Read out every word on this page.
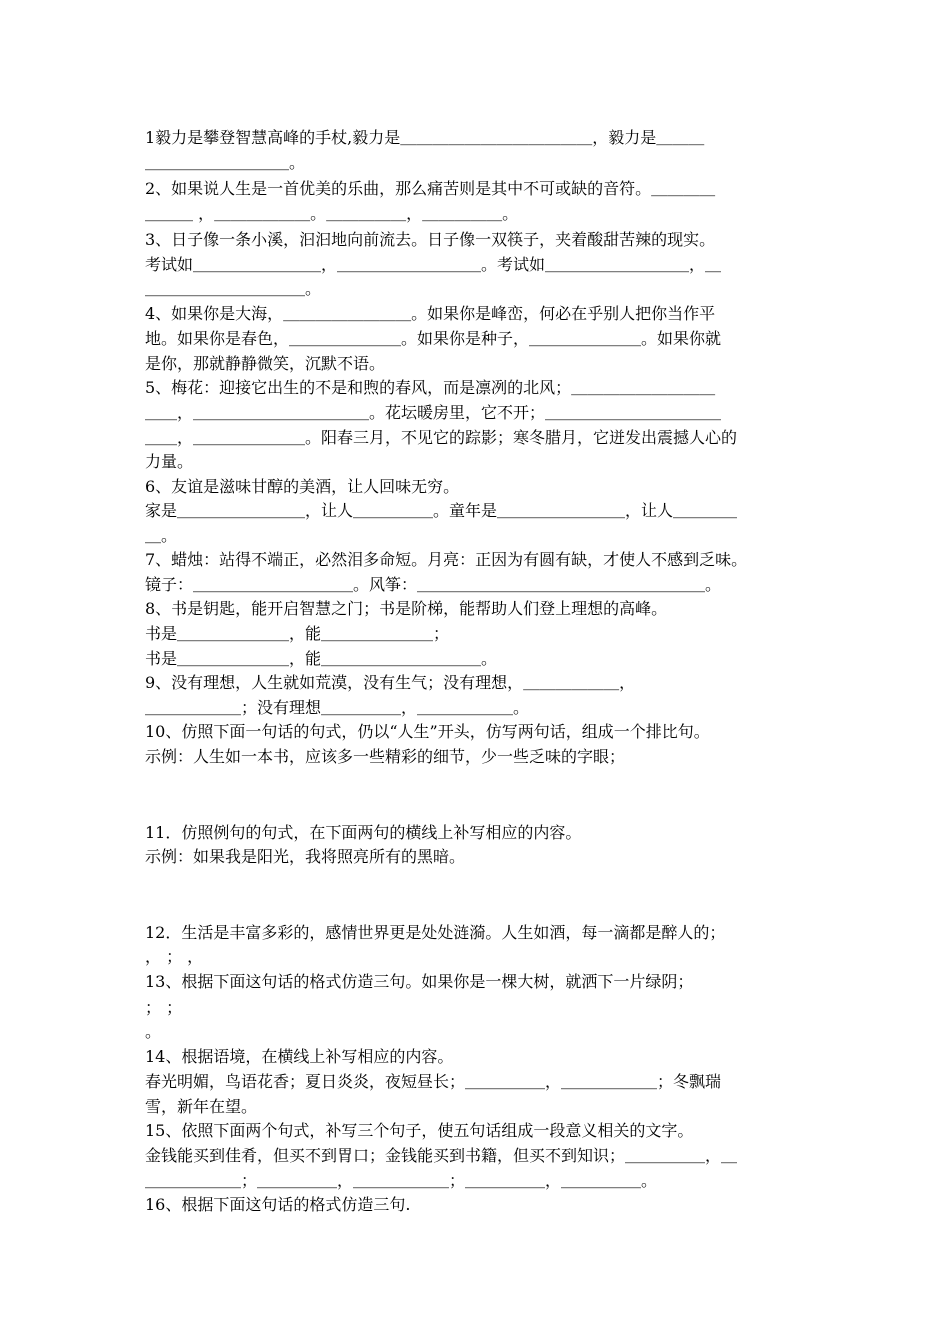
1毅力是攀登智慧高峰的手杖,毅力是＿＿＿＿＿＿＿＿＿＿＿＿，毅力是＿＿＿
＿＿＿＿＿＿＿＿＿。
2、如果说人生是一首优美的乐曲，那么痛苦则是其中不可或缺的音符。＿＿＿＿
＿＿＿ ，＿＿＿＿＿＿。＿＿＿＿＿，＿＿＿＿＿。
3、日子像一条小溪，汩汩地向前流去。日子像一双筷子，夹着酸甜苦辣的现实。
考试如＿＿＿＿＿＿＿＿，＿＿＿＿＿＿＿＿＿。考试如＿＿＿＿＿＿＿＿＿，＿
＿＿＿＿＿＿＿＿＿＿。
4、如果你是大海，＿＿＿＿＿＿＿＿。如果你是峰峦，何必在乎别人把你当作平
地。如果你是春色，＿＿＿＿＿＿＿。如果你是种子，＿＿＿＿＿＿＿。如果你就
是你，那就静静微笑，沉默不语。
5、梅花：迎接它出生的不是和煦的春风，而是凛冽的北风；＿＿＿＿＿＿＿＿＿
＿＿，＿＿＿＿＿＿＿＿＿＿＿。花坛暖房里，它不开；＿＿＿＿＿＿＿＿＿＿＿
＿＿，＿＿＿＿＿＿＿。阳春三月，不见它的踪影；寒冬腊月，它迸发出震撼人心的
力量。
6、友谊是滋味甘醇的美酒，让人回味无穷。
家是＿＿＿＿＿＿＿＿，让人＿＿＿＿＿。童年是＿＿＿＿＿＿＿＿，让人＿＿＿＿
＿。
7、蜡烛：站得不端正，必然泪多命短。月亮：正因为有圆有缺，才使人不感到乏味。
镜子：＿＿＿＿＿＿＿＿＿＿。风筝：＿＿＿＿＿＿＿＿＿＿＿＿＿＿＿＿＿＿。
8、书是钥匙，能开启智慧之门；书是阶梯，能帮助人们登上理想的高峰。
书是＿＿＿＿＿＿＿，能＿＿＿＿＿＿＿；
书是＿＿＿＿＿＿＿，能＿＿＿＿＿＿＿＿＿＿。
9、没有理想，人生就如荒漠，没有生气；没有理想，＿＿＿＿＿＿，
＿＿＿＿＿＿；没有理想＿＿＿＿＿，＿＿＿＿＿＿。
10、仿照下面一句话的句式，仍以“人生”开头，仿写两句话，组成一个排比句。
示例：人生如一本书，应该多一些精彩的细节，少一些乏味的字眼；
11．仿照例句的句式，在下面两句的横线上补写相应的内容。
示例：如果我是阳光，我将照亮所有的黑暗。
12．生活是丰富多彩的，感情世界更是处处涟漪。人生如酒，每一滴都是醉人的；
， ； ，
13、根据下面这句话的格式仿造三句。如果你是一棵大树，就洒下一片绿阴；
； ；
。
14、根据语境，在横线上补写相应的内容。
春光明媚，鸟语花香；夏日炎炎，夜短昼长；＿＿＿＿＿，＿＿＿＿＿＿；冬飘瑞
雪，新年在望。
15、依照下面两个句式，补写三个句子，使五句话组成一段意义相关的文字。
金钱能买到佳肴，但买不到胃口；金钱能买到书籍，但买不到知识；＿＿＿＿＿，＿
＿＿＿＿＿＿；＿＿＿＿＿，＿＿＿＿＿＿；＿＿＿＿＿，＿＿＿＿＿。
16、根据下面这句话的格式仿造三句.
